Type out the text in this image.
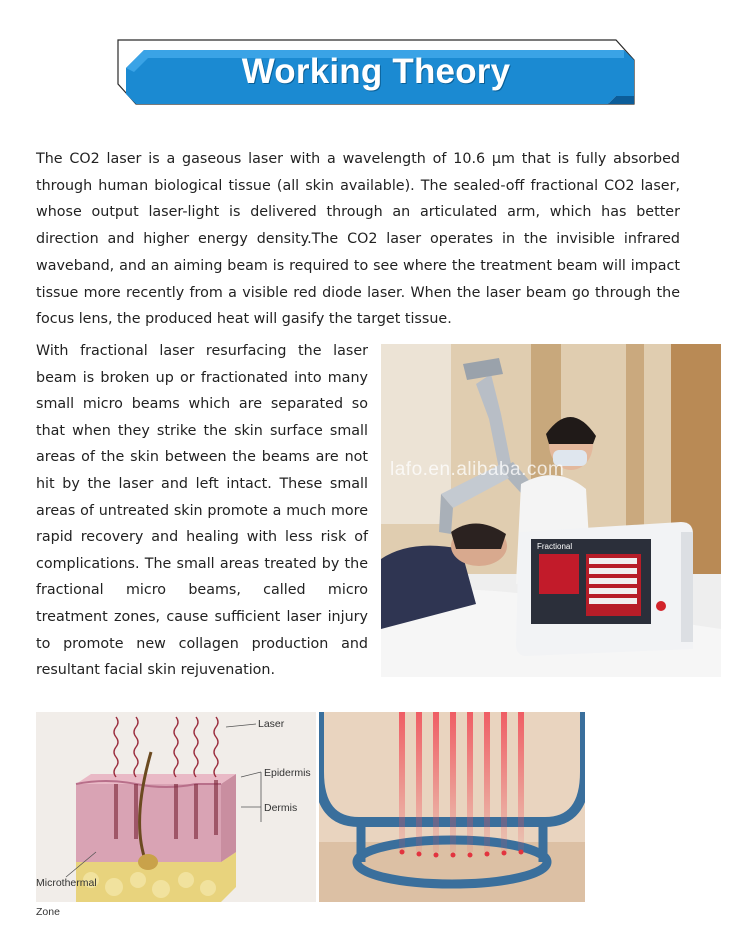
Working Theory

The CO2 laser is a gaseous laser with a wavelength of 10.6 μm that is fully absorbed through human biological tissue (all skin available). The sealed-off fractional CO2 laser, whose output laser-light is delivered through an articulated arm, which has better direction and higher energy density.The CO2 laser operates in the invisible infrared waveband, and an aiming beam is required to see where the treatment beam will impact tissue more recently from a visible red diode laser. When the laser beam go through the focus lens, the produced heat will gasify the target tissue.

With fractional laser resurfacing the laser beam is broken up or fractionated into many small micro beams which are separated so that when they strike the skin surface small areas of the skin between the beams are not hit by the laser and left intact. These small areas of untreated skin promote a much more rapid recovery and healing with less risk of complications. The small areas treated by the fractional micro beams, called micro treatment zones, cause sufficient laser injury to promote new collagen production and resultant facial skin rejuvenation.

Fractional
lafo.en.alibaba.com
Laser
Epidermis
Dermis
Microthermal
Zone
